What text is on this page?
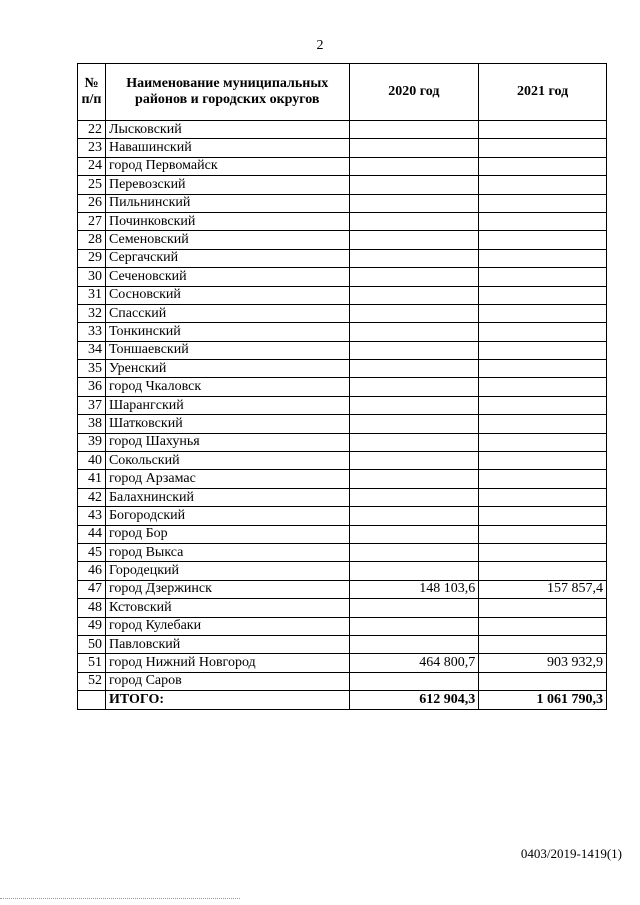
2
№ п/п	Наименование муниципальных районов и городских округов	2020 год	2021 год
22	Лысковский		
23	Навашинский		
24	город Первомайск		
25	Перевозский		
26	Пильнинский		
27	Починковский		
28	Семеновский		
29	Сергачский		
30	Сеченовский		
31	Сосновский		
32	Спасский		
33	Тонкинский		
34	Тоншаевский		
35	Уренский		
36	город Чкаловск		
37	Шарангский		
38	Шатковский		
39	город Шахунья		
40	Сокольский		
41	город Арзамас		
42	Балахнинский		
43	Богородский		
44	город Бор		
45	город Выкса		
46	Городецкий		
47	город Дзержинск	148 103,6	157 857,4
48	Кстовский		
49	город Кулебаки		
50	Павловский		
51	город Нижний Новгород	464 800,7	903 932,9
52	город Саров		
	ИТОГО:	612 904,3	1 061 790,3
0403/2019-1419(1)
